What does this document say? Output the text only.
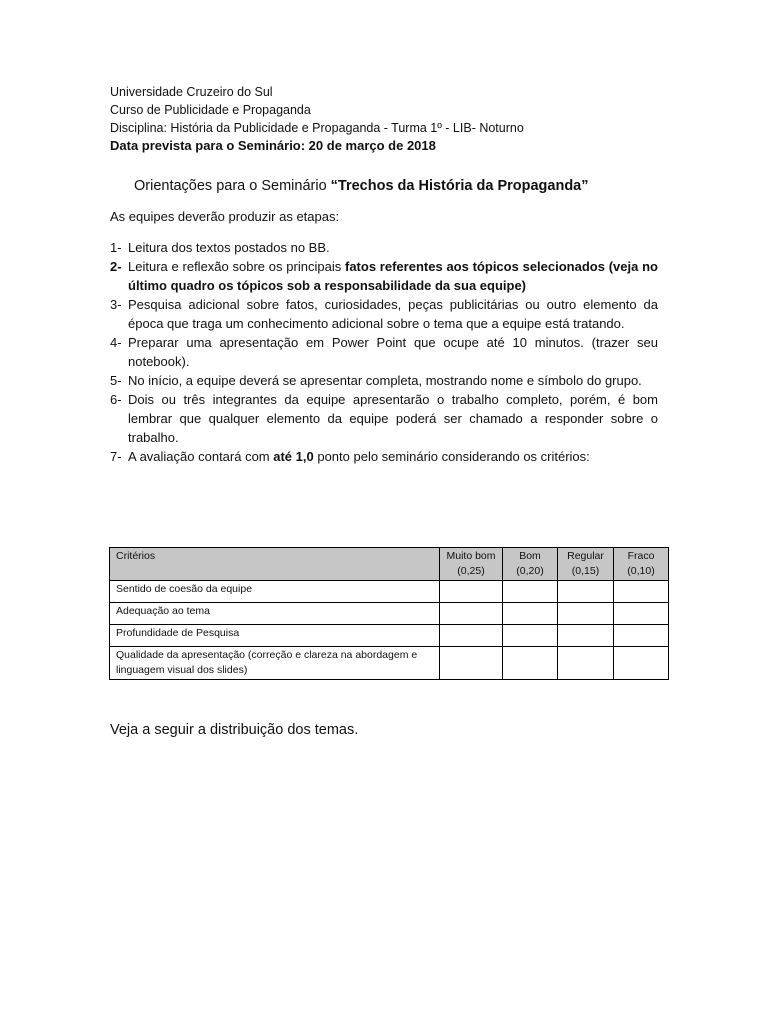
Universidade Cruzeiro do Sul
Curso de Publicidade e Propaganda
Disciplina: História da Publicidade e Propaganda - Turma 1º - LIB- Noturno
Data prevista para o Seminário: 20 de março de 2018
Orientações para o Seminário “Trechos da História da Propaganda”
As equipes deverão produzir as etapas:
1- Leitura dos textos postados no BB.
2- Leitura e reflexão sobre os principais fatos referentes aos tópicos selecionados (veja no último quadro os tópicos sob a responsabilidade da sua equipe)
3- Pesquisa adicional sobre fatos, curiosidades, peças publicitárias ou outro elemento da época que traga um conhecimento adicional sobre o tema que a equipe está tratando.
4- Preparar uma apresentação em Power Point que ocupe até 10 minutos. (trazer seu notebook).
5- No início, a equipe deverá se apresentar completa, mostrando nome e símbolo do grupo.
6- Dois ou três integrantes da equipe apresentarão o trabalho completo, porém, é bom lembrar que qualquer elemento da equipe poderá ser chamado a responder sobre o trabalho.
7- A avaliação contará com até 1,0 ponto pelo seminário considerando os critérios:
Critérios	Muito bom (0,25)	Bom (0,20)	Regular (0,15)	Fraco (0,10)
Sentido de coesão da equipe				
Adequação ao tema				
Profundidade de Pesquisa				
Qualidade da apresentação (correção e clareza na abordagem e linguagem visual dos slides)				
Veja a seguir a distribuição dos temas.
